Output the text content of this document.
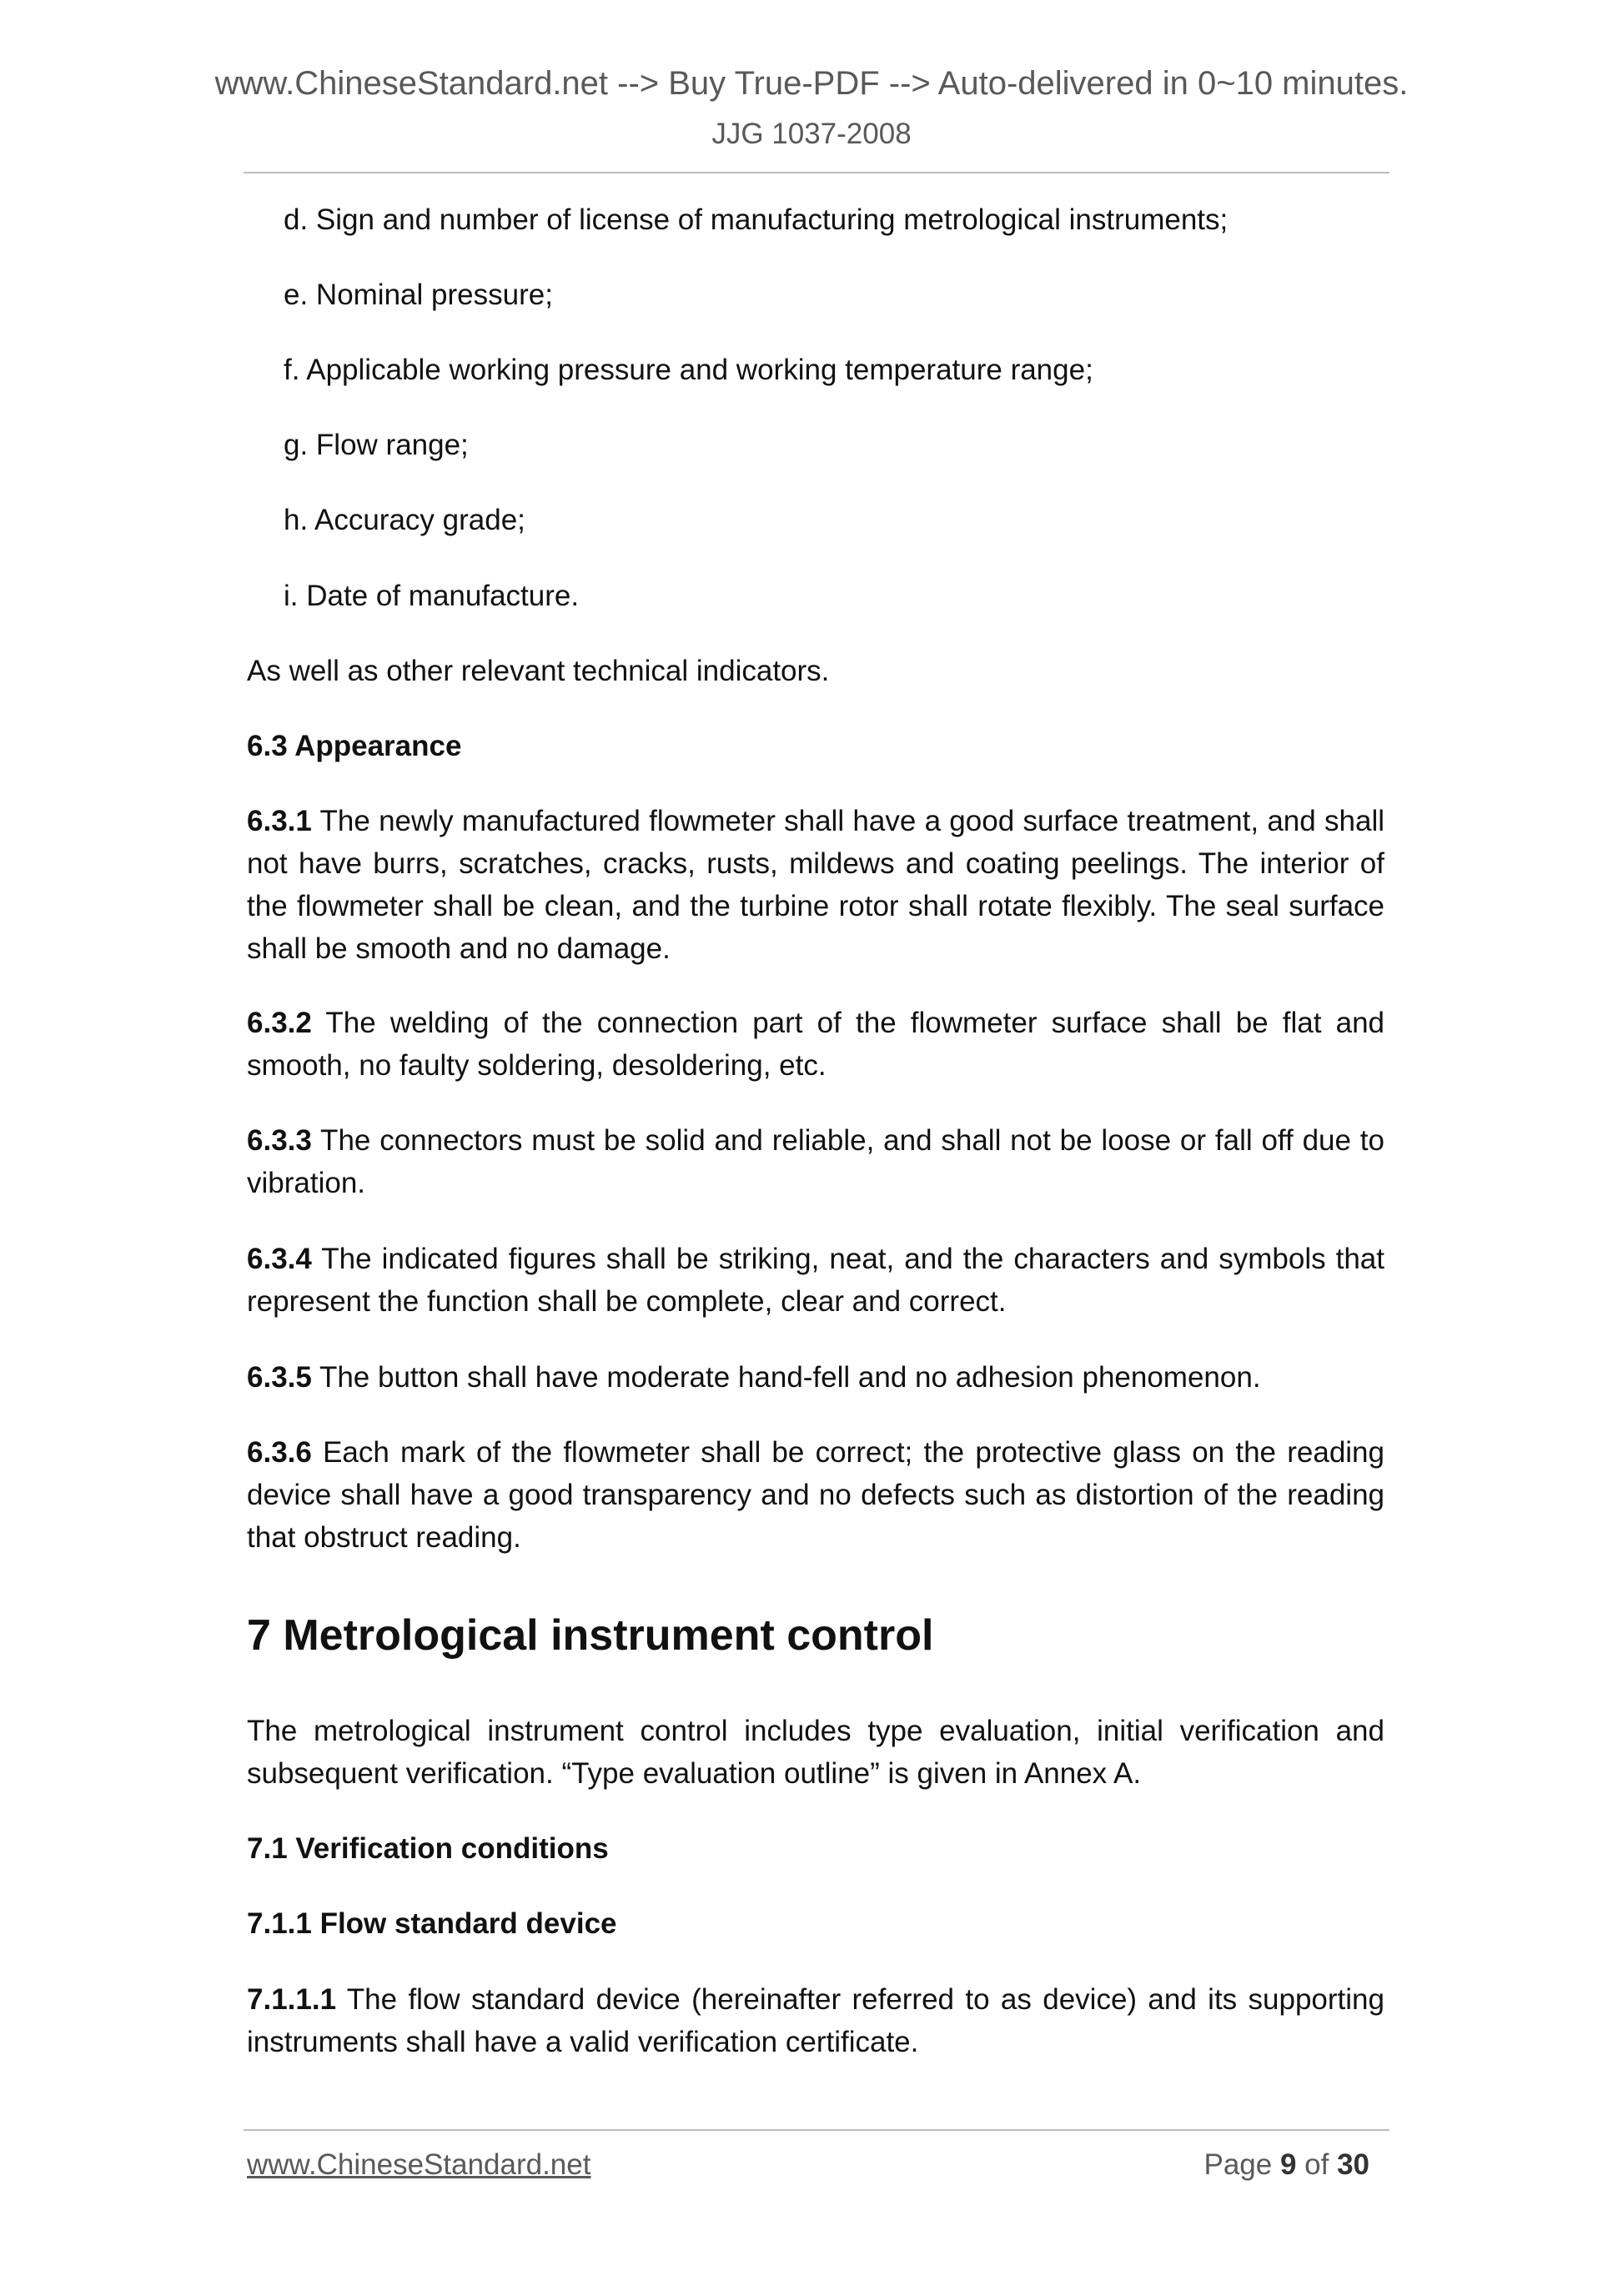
www.ChineseStandard.net --> Buy True-PDF --> Auto-delivered in 0~10 minutes.
JJG 1037-2008
d. Sign and number of license of manufacturing metrological instruments;
e. Nominal pressure;
f. Applicable working pressure and working temperature range;
g. Flow range;
h. Accuracy grade;
i. Date of manufacture.
As well as other relevant technical indicators.
6.3 Appearance
6.3.1 The newly manufactured flowmeter shall have a good surface treatment, and shall not have burrs, scratches, cracks, rusts, mildews and coating peelings. The interior of the flowmeter shall be clean, and the turbine rotor shall rotate flexibly. The seal surface shall be smooth and no damage.
6.3.2 The welding of the connection part of the flowmeter surface shall be flat and smooth, no faulty soldering, desoldering, etc.
6.3.3 The connectors must be solid and reliable, and shall not be loose or fall off due to vibration.
6.3.4 The indicated figures shall be striking, neat, and the characters and symbols that represent the function shall be complete, clear and correct.
6.3.5 The button shall have moderate hand-fell and no adhesion phenomenon.
6.3.6 Each mark of the flowmeter shall be correct; the protective glass on the reading device shall have a good transparency and no defects such as distortion of the reading that obstruct reading.
7 Metrological instrument control
The metrological instrument control includes type evaluation, initial verification and subsequent verification. “Type evaluation outline” is given in Annex A.
7.1 Verification conditions
7.1.1 Flow standard device
7.1.1.1 The flow standard device (hereinafter referred to as device) and its supporting instruments shall have a valid verification certificate.
www.ChineseStandard.net	Page 9 of 30
